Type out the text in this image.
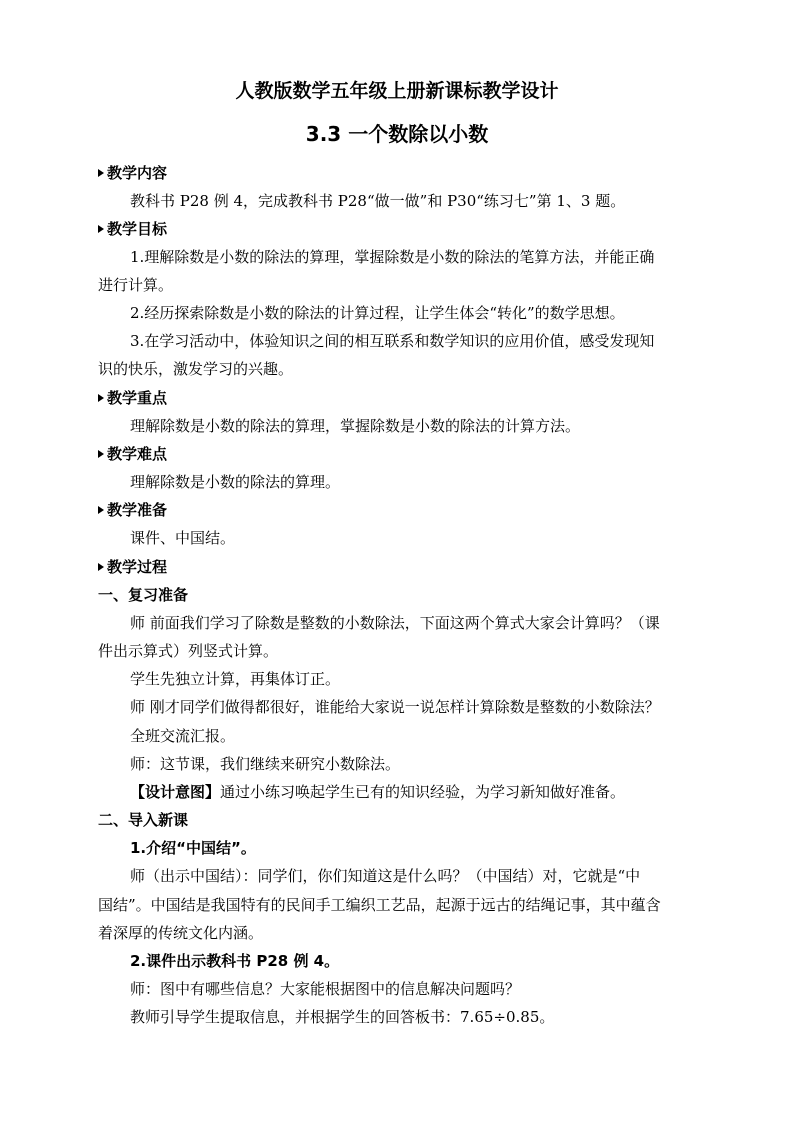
人教版数学五年级上册新课标教学设计
3.3 一个数除以小数
教学内容
教科书 P28 例 4，完成教科书 P28“做一做”和 P30“练习七”第 1、3 题。
教学目标
1.理解除数是小数的除法的算理，掌握除数是小数的除法的笔算方法，并能正确
进行计算。
2.经历探索除数是小数的除法的计算过程，让学生体会“转化”的数学思想。
3.在学习活动中，体验知识之间的相互联系和数学知识的应用价值，感受发现知
识的快乐，激发学习的兴趣。
教学重点
理解除数是小数的除法的算理，掌握除数是小数的除法的计算方法。
教学难点
理解除数是小数的除法的算理。
教学准备
课件、中国结。
教学过程
一、复习准备
师 前面我们学习了除数是整数的小数除法，下面这两个算式大家会计算吗？（课
件出示算式）列竖式计算。
学生先独立计算，再集体订正。
师 刚才同学们做得都很好，谁能给大家说一说怎样计算除数是整数的小数除法？
全班交流汇报。
师：这节课，我们继续来研究小数除法。
【设计意图】通过小练习唤起学生已有的知识经验，为学习新知做好准备。
二、导入新课
1.介绍“中国结”。
师（出示中国结）：同学们，你们知道这是什么吗？（中国结）对，它就是“中
国结”。中国结是我国特有的民间手工编织工艺品，起源于远古的结绳记事，其中蕴含
着深厚的传统文化内涵。
2.课件出示教科书 P28 例 4。
师：图中有哪些信息？大家能根据图中的信息解决问题吗？
教师引导学生提取信息，并根据学生的回答板书：7.65÷0.85。
